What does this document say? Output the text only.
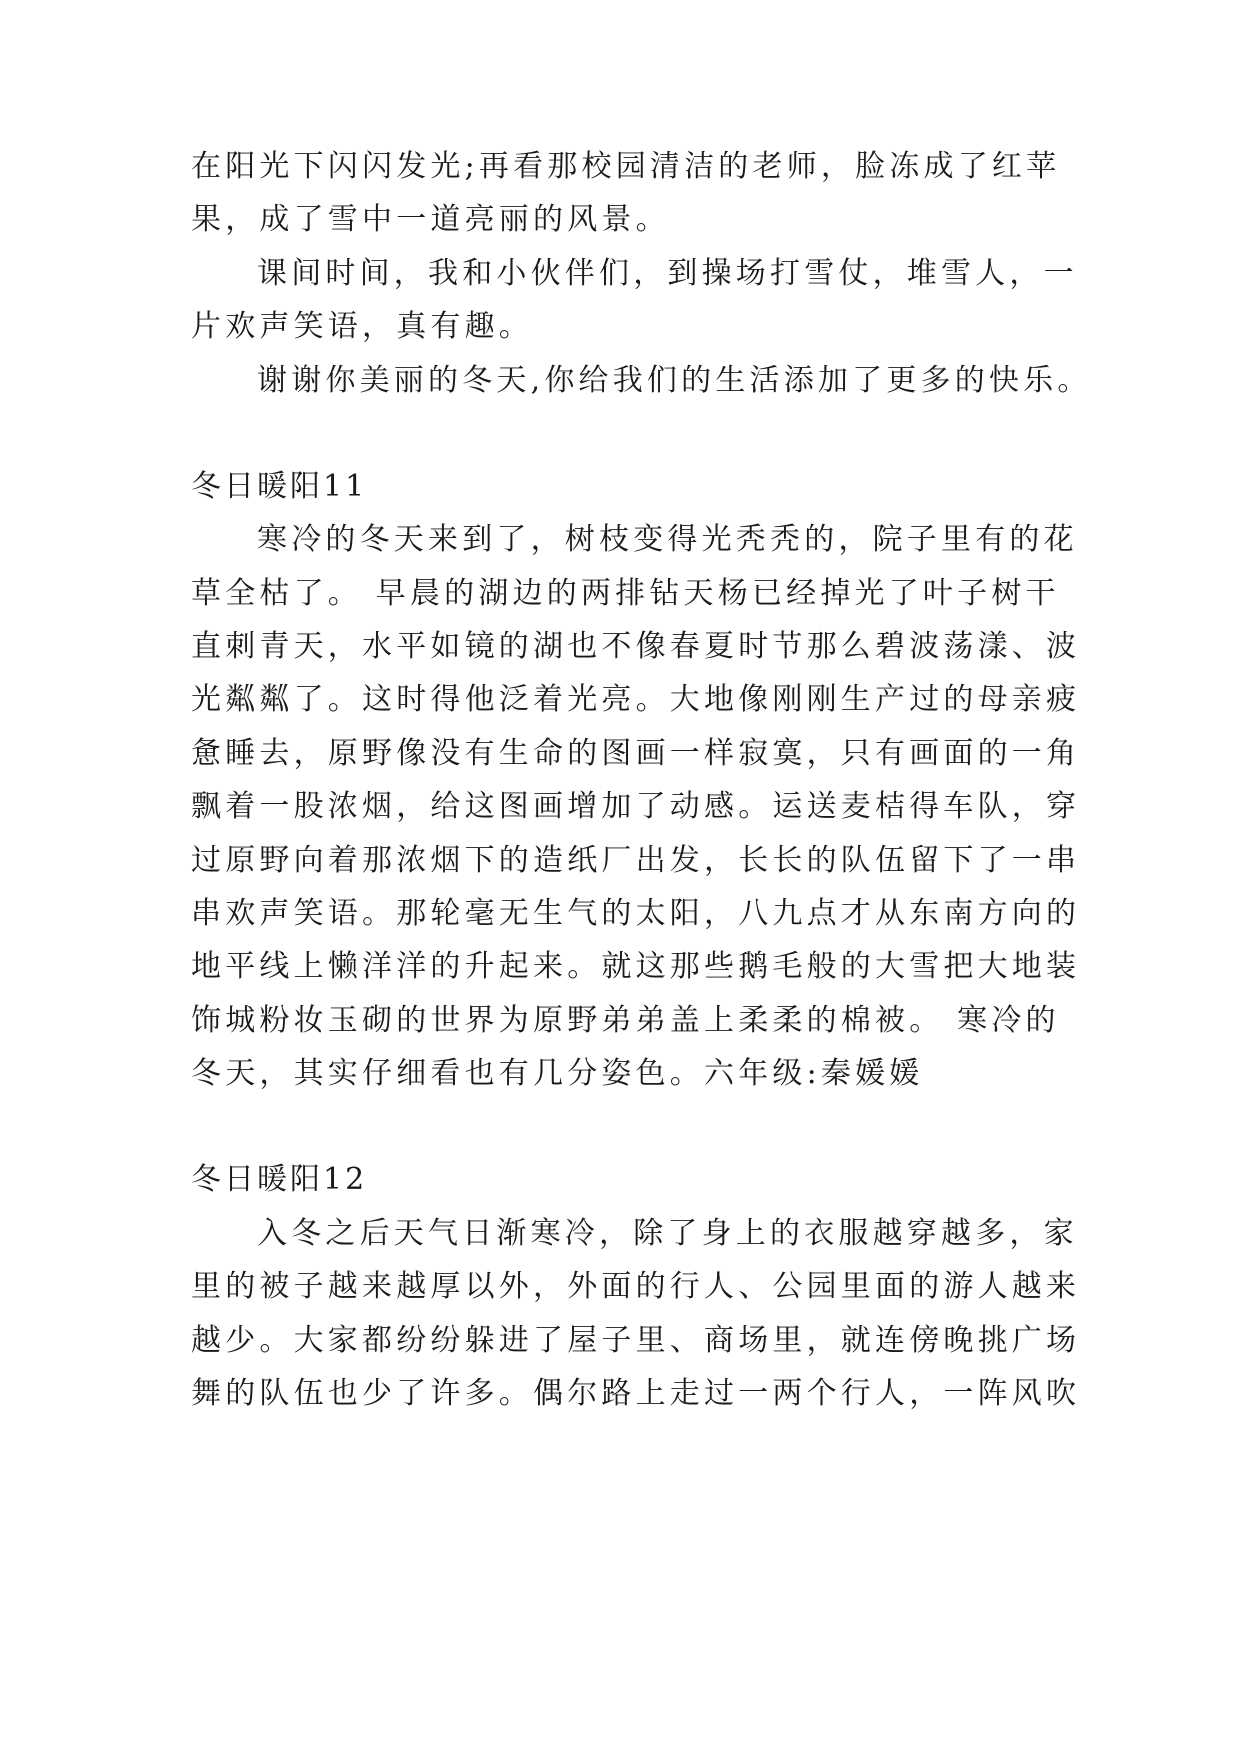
在阳光下闪闪发光;再看那校园清洁的老师，脸冻成了红苹
果，成了雪中一道亮丽的风景。
课间时间，我和小伙伴们，到操场打雪仗，堆雪人，一
片欢声笑语，真有趣。
谢谢你美丽的冬天,你给我们的生活添加了更多的快乐。
冬日暖阳11
寒冷的冬天来到了，树枝变得光秃秃的，院子里有的花
草全枯了。 早晨的湖边的两排钻天杨已经掉光了叶子树干
直刺青天，水平如镜的湖也不像春夏时节那么碧波荡漾、波
光粼粼了。这时得他泛着光亮。大地像刚刚生产过的母亲疲
惫睡去，原野像没有生命的图画一样寂寞，只有画面的一角
飘着一股浓烟，给这图画增加了动感。运送麦桔得车队，穿
过原野向着那浓烟下的造纸厂出发，长长的队伍留下了一串
串欢声笑语。那轮毫无生气的太阳，八九点才从东南方向的
地平线上懒洋洋的升起来。就这那些鹅毛般的大雪把大地装
饰城粉妆玉砌的世界为原野弟弟盖上柔柔的棉被。 寒冷的
冬天，其实仔细看也有几分姿色。六年级:秦媛媛
冬日暖阳12
入冬之后天气日渐寒冷，除了身上的衣服越穿越多，家
里的被子越来越厚以外，外面的行人、公园里面的游人越来
越少。大家都纷纷躲进了屋子里、商场里，就连傍晚挑广场
舞的队伍也少了许多。偶尔路上走过一两个行人，一阵风吹
